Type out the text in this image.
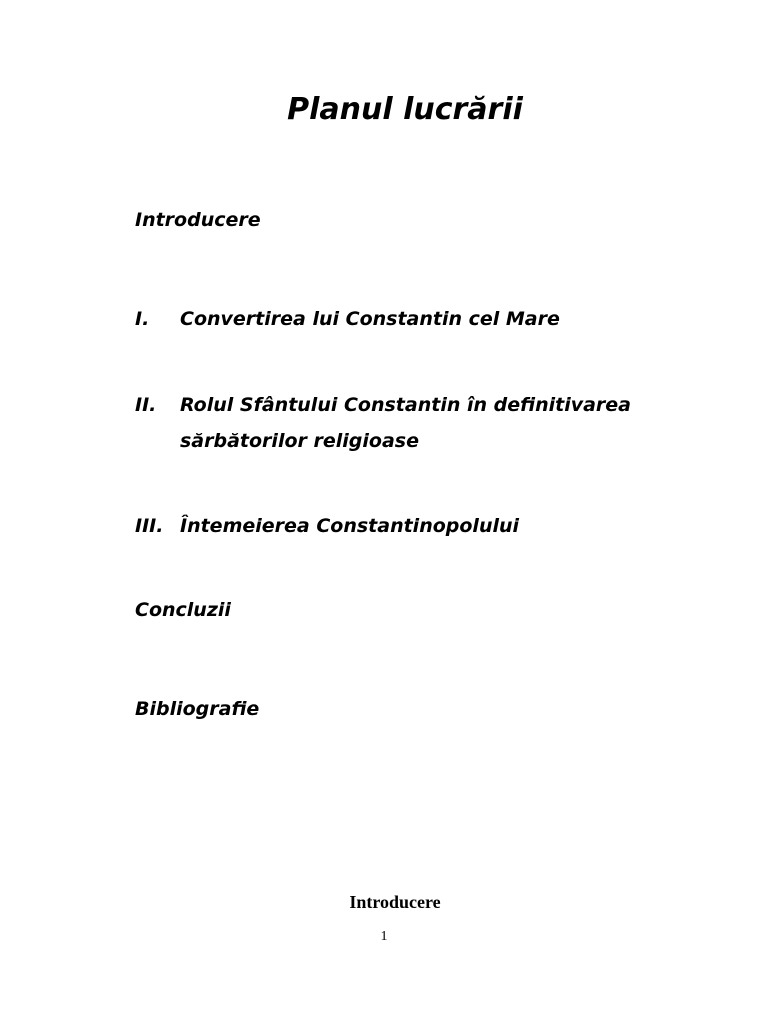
Planul lucrării
Introducere
I. Convertirea lui Constantin cel Mare
II. Rolul Sfântului Constantin în definitivarea
sărbătorilor religioase
III. Întemeierea Constantinopolului
Concluzii
Bibliografie
Introducere
1
